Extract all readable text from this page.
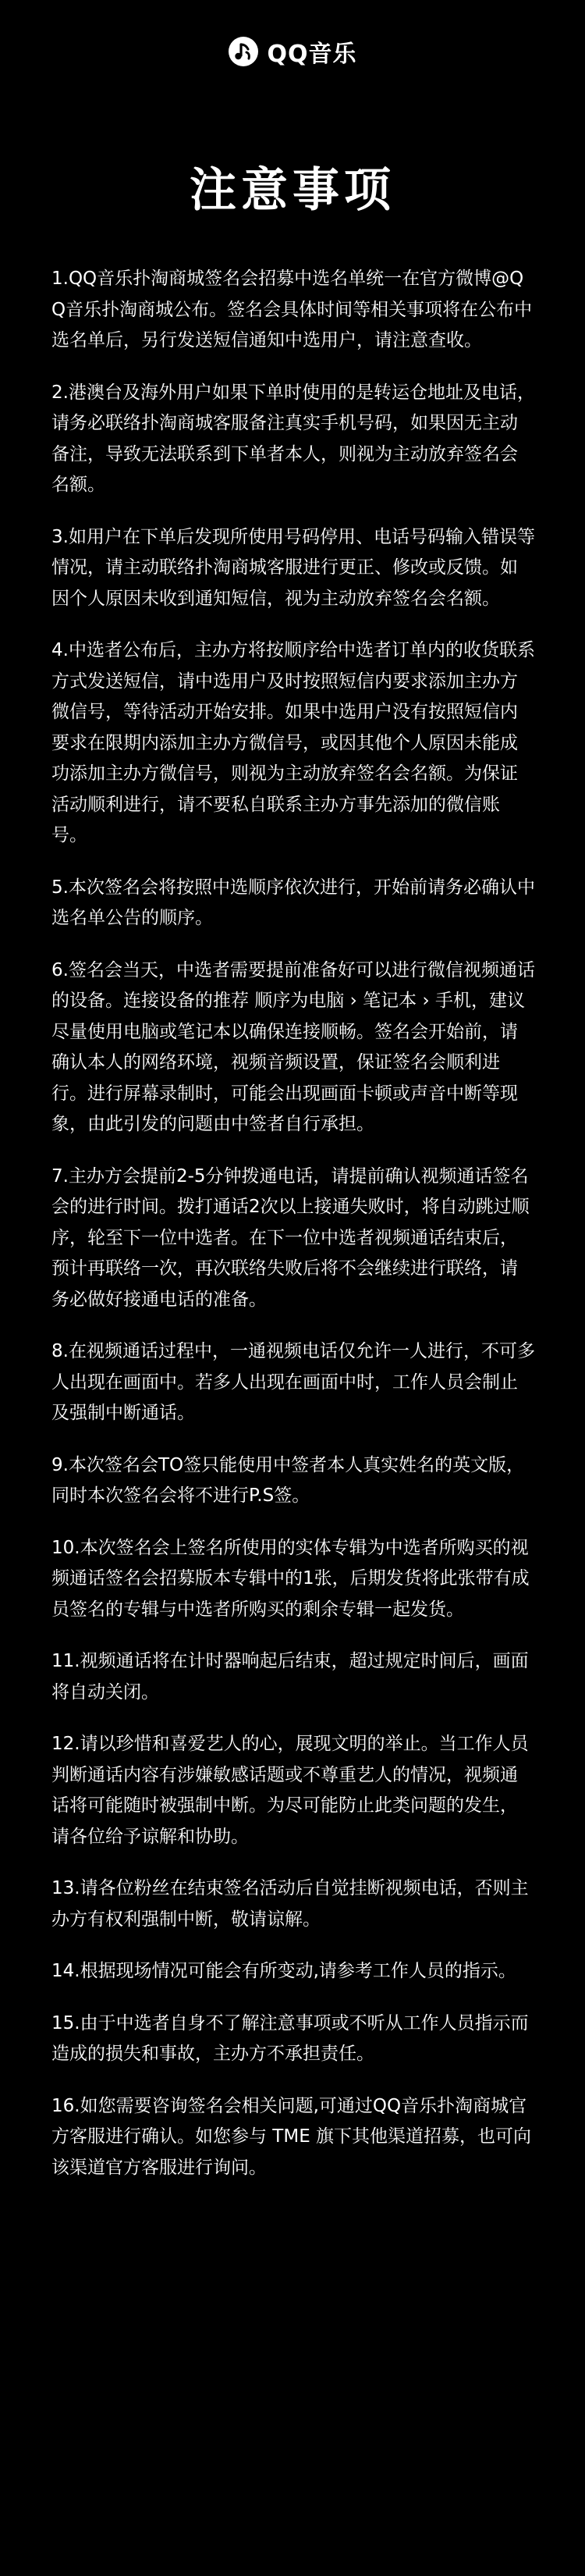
QQ音乐
注意事项
1.QQ音乐扑淘商城签名会招募中选名单统一在官方微博@QQ音乐扑淘商城公布。签名会具体时间等相关事项将在公布中选名单后，另行发送短信通知中选用户，请注意查收。
2.港澳台及海外用户如果下单时使用的是转运仓地址及电话，请务必联络扑淘商城客服备注真实手机号码，如果因无主动备注，导致无法联系到下单者本人，则视为主动放弃签名会名额。
3.如用户在下单后发现所使用号码停用、电话号码输入错误等情况，请主动联络扑淘商城客服进行更正、修改或反馈。如因个人原因未收到通知短信，视为主动放弃签名会名额。
4.中选者公布后，主办方将按顺序给中选者订单内的收货联系方式发送短信，请中选用户及时按照短信内要求添加主办方微信号，等待活动开始安排。如果中选用户没有按照短信内要求在限期内添加主办方微信号，或因其他个人原因未能成功添加主办方微信号，则视为主动放弃签名会名额。为保证活动顺利进行，请不要私自联系主办方事先添加的微信账号。
5.本次签名会将按照中选顺序依次进行，开始前请务必确认中选名单公告的顺序。
6.签名会当天，中选者需要提前准备好可以进行微信视频通话的设备。连接设备的推荐 顺序为电脑 › 笔记本 › 手机，建议尽量使用电脑或笔记本以确保连接顺畅。签名会开始前，请确认本人的网络环境，视频音频设置，保证签名会顺利进行。进行屏幕录制时，可能会出现画面卡顿或声音中断等现象，由此引发的问题由中签者自行承担。
7.主办方会提前2-5分钟拨通电话，请提前确认视频通话签名会的进行时间。拨打通话2次以上接通失败时，将自动跳过顺序，轮至下一位中选者。在下一位中选者视频通话结束后，预计再联络一次，再次联络失败后将不会继续进行联络，请务必做好接通电话的准备。
8.在视频通话过程中，一通视频电话仅允许一人进行，不可多人出现在画面中。若多人出现在画面中时，工作人员会制止及强制中断通话。
9.本次签名会TO签只能使用中签者本人真实姓名的英文版，同时本次签名会将不进行P.S签。
10.本次签名会上签名所使用的实体专辑为中选者所购买的视频通话签名会招募版本专辑中的1张，后期发货将此张带有成员签名的专辑与中选者所购买的剩余专辑一起发货。
11.视频通话将在计时器响起后结束，超过规定时间后，画面将自动关闭。
12.请以珍惜和喜爱艺人的心，展现文明的举止。当工作人员判断通话内容有涉嫌敏感话题或不尊重艺人的情况，视频通话将可能随时被强制中断。为尽可能防止此类问题的发生，请各位给予谅解和协助。
13.请各位粉丝在结束签名活动后自觉挂断视频电话，否则主办方有权利强制中断，敬请谅解。
14.根据现场情况可能会有所变动,请参考工作人员的指示。
15.由于中选者自身不了解注意事项或不听从工作人员指示而造成的损失和事故，主办方不承担责任。
16.如您需要咨询签名会相关问题,可通过QQ音乐扑淘商城官方客服进行确认。如您参与 TME 旗下其他渠道招募，也可向该渠道官方客服进行询问。
